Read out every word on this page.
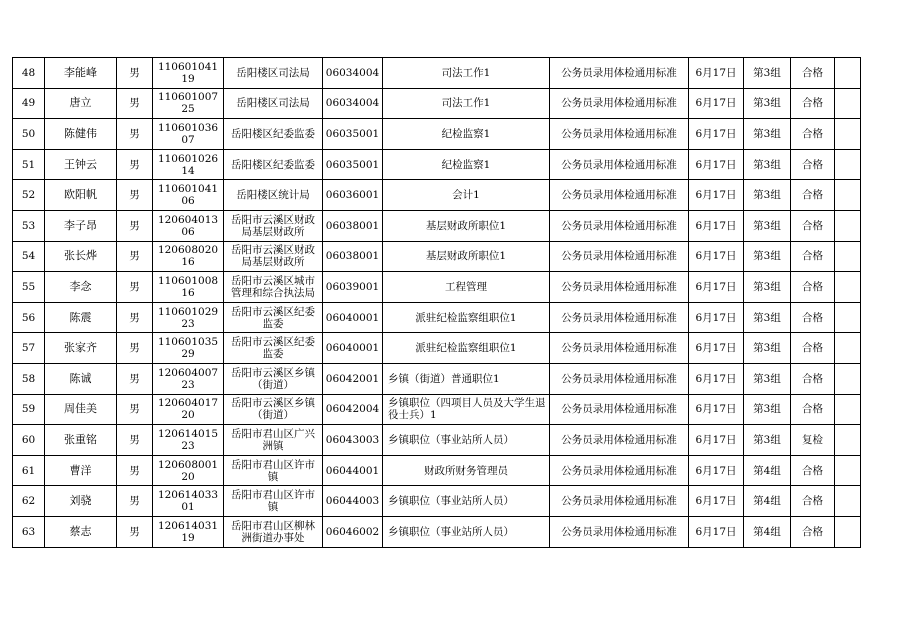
48	李能峰	男	11060104119	岳阳楼区司法局	06034004	司法工作1	公务员录用体检通用标准	6月17日	第3组	合格	
49	唐立	男	11060100725	岳阳楼区司法局	06034004	司法工作1	公务员录用体检通用标准	6月17日	第3组	合格	
50	陈健伟	男	11060103607	岳阳楼区纪委监委	06035001	纪检监察1	公务员录用体检通用标准	6月17日	第3组	合格	
51	王钟云	男	11060102614	岳阳楼区纪委监委	06035001	纪检监察1	公务员录用体检通用标准	6月17日	第3组	合格	
52	欧阳帆	男	11060104106	岳阳楼区统计局	06036001	会计1	公务员录用体检通用标准	6月17日	第3组	合格	
53	李子昂	男	12060401306	岳阳市云溪区财政局基层财政所	06038001	基层财政所职位1	公务员录用体检通用标准	6月17日	第3组	合格	
54	张长烨	男	12060802016	岳阳市云溪区财政局基层财政所	06038001	基层财政所职位1	公务员录用体检通用标准	6月17日	第3组	合格	
55	李念	男	11060100816	岳阳市云溪区城市管理和综合执法局	06039001	工程管理	公务员录用体检通用标准	6月17日	第3组	合格	
56	陈震	男	11060102923	岳阳市云溪区纪委监委	06040001	派驻纪检监察组职位1	公务员录用体检通用标准	6月17日	第3组	合格	
57	张家齐	男	11060103529	岳阳市云溪区纪委监委	06040001	派驻纪检监察组职位1	公务员录用体检通用标准	6月17日	第3组	合格	
58	陈诚	男	12060400723	岳阳市云溪区乡镇（街道）	06042001	乡镇（街道）普通职位1	公务员录用体检通用标准	6月17日	第3组	合格	
59	周佳美	男	12060401720	岳阳市云溪区乡镇（街道）	06042004	乡镇职位（四项目人员及大学生退役士兵）1	公务员录用体检通用标准	6月17日	第3组	合格	
60	张重铭	男	12061401523	岳阳市君山区广兴洲镇	06043003	乡镇职位（事业站所人员）	公务员录用体检通用标准	6月17日	第3组	复检	
61	曹洋	男	12060800120	岳阳市君山区许市镇	06044001	财政所财务管理员	公务员录用体检通用标准	6月17日	第4组	合格	
62	刘骁	男	12061403301	岳阳市君山区许市镇	06044003	乡镇职位（事业站所人员）	公务员录用体检通用标准	6月17日	第4组	合格	
63	蔡志	男	12061403119	岳阳市君山区柳林洲街道办事处	06046002	乡镇职位（事业站所人员）	公务员录用体检通用标准	6月17日	第4组	合格	
